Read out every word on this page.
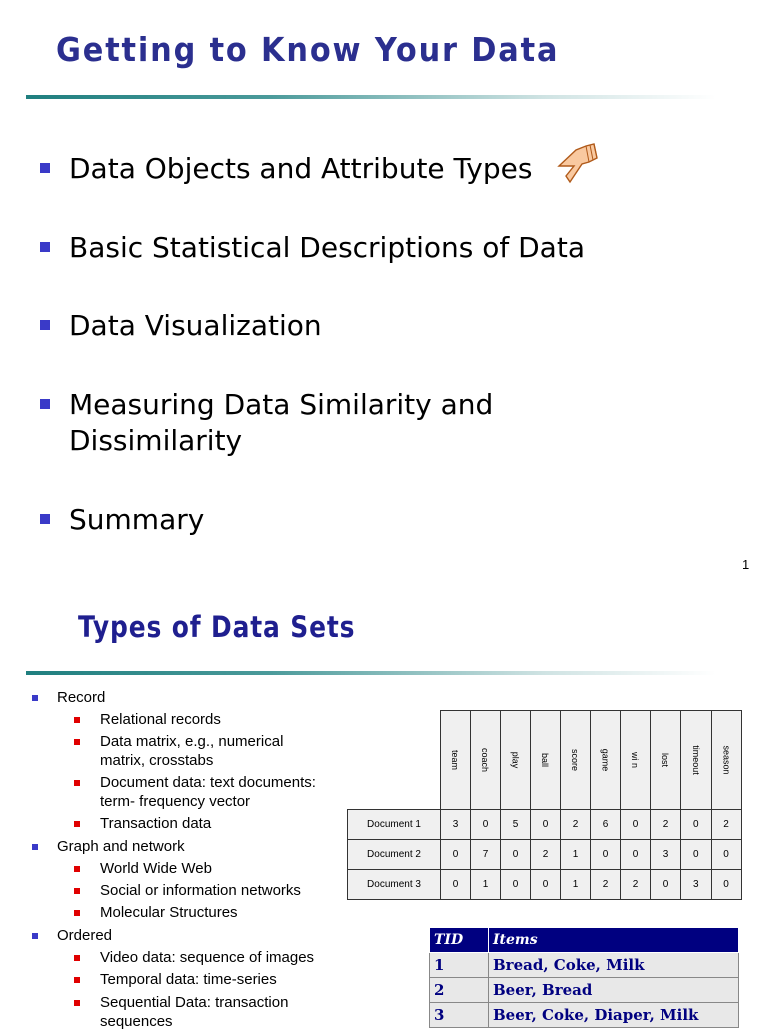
Getting to Know Your Data
Data Objects and Attribute Types
Basic Statistical Descriptions of Data
Data Visualization
Measuring Data Similarity and
Dissimilarity
Summary
1
Types of Data Sets
Record
Relational records
Data matrix, e.g., numerical
matrix, crosstabs
Document data: text documents:
term- frequency vector
Transaction data
Graph and network
World Wide Web
Social or information networks
Molecular Structures
Ordered
Video data: sequence of images
Temporal data: time-series
Sequential Data: transaction
sequences
	team	coach	play	ball	score	game	wi n	lost	timeout	season
Document 1	3	0	5	0	2	6	0	2	0	2
Document 2	0	7	0	2	1	0	0	3	0	0
Document 3	0	1	0	0	1	2	2	0	3	0
TID	Items
1	Bread, Coke, Milk
2	Beer, Bread
3	Beer, Coke, Diaper, Milk
